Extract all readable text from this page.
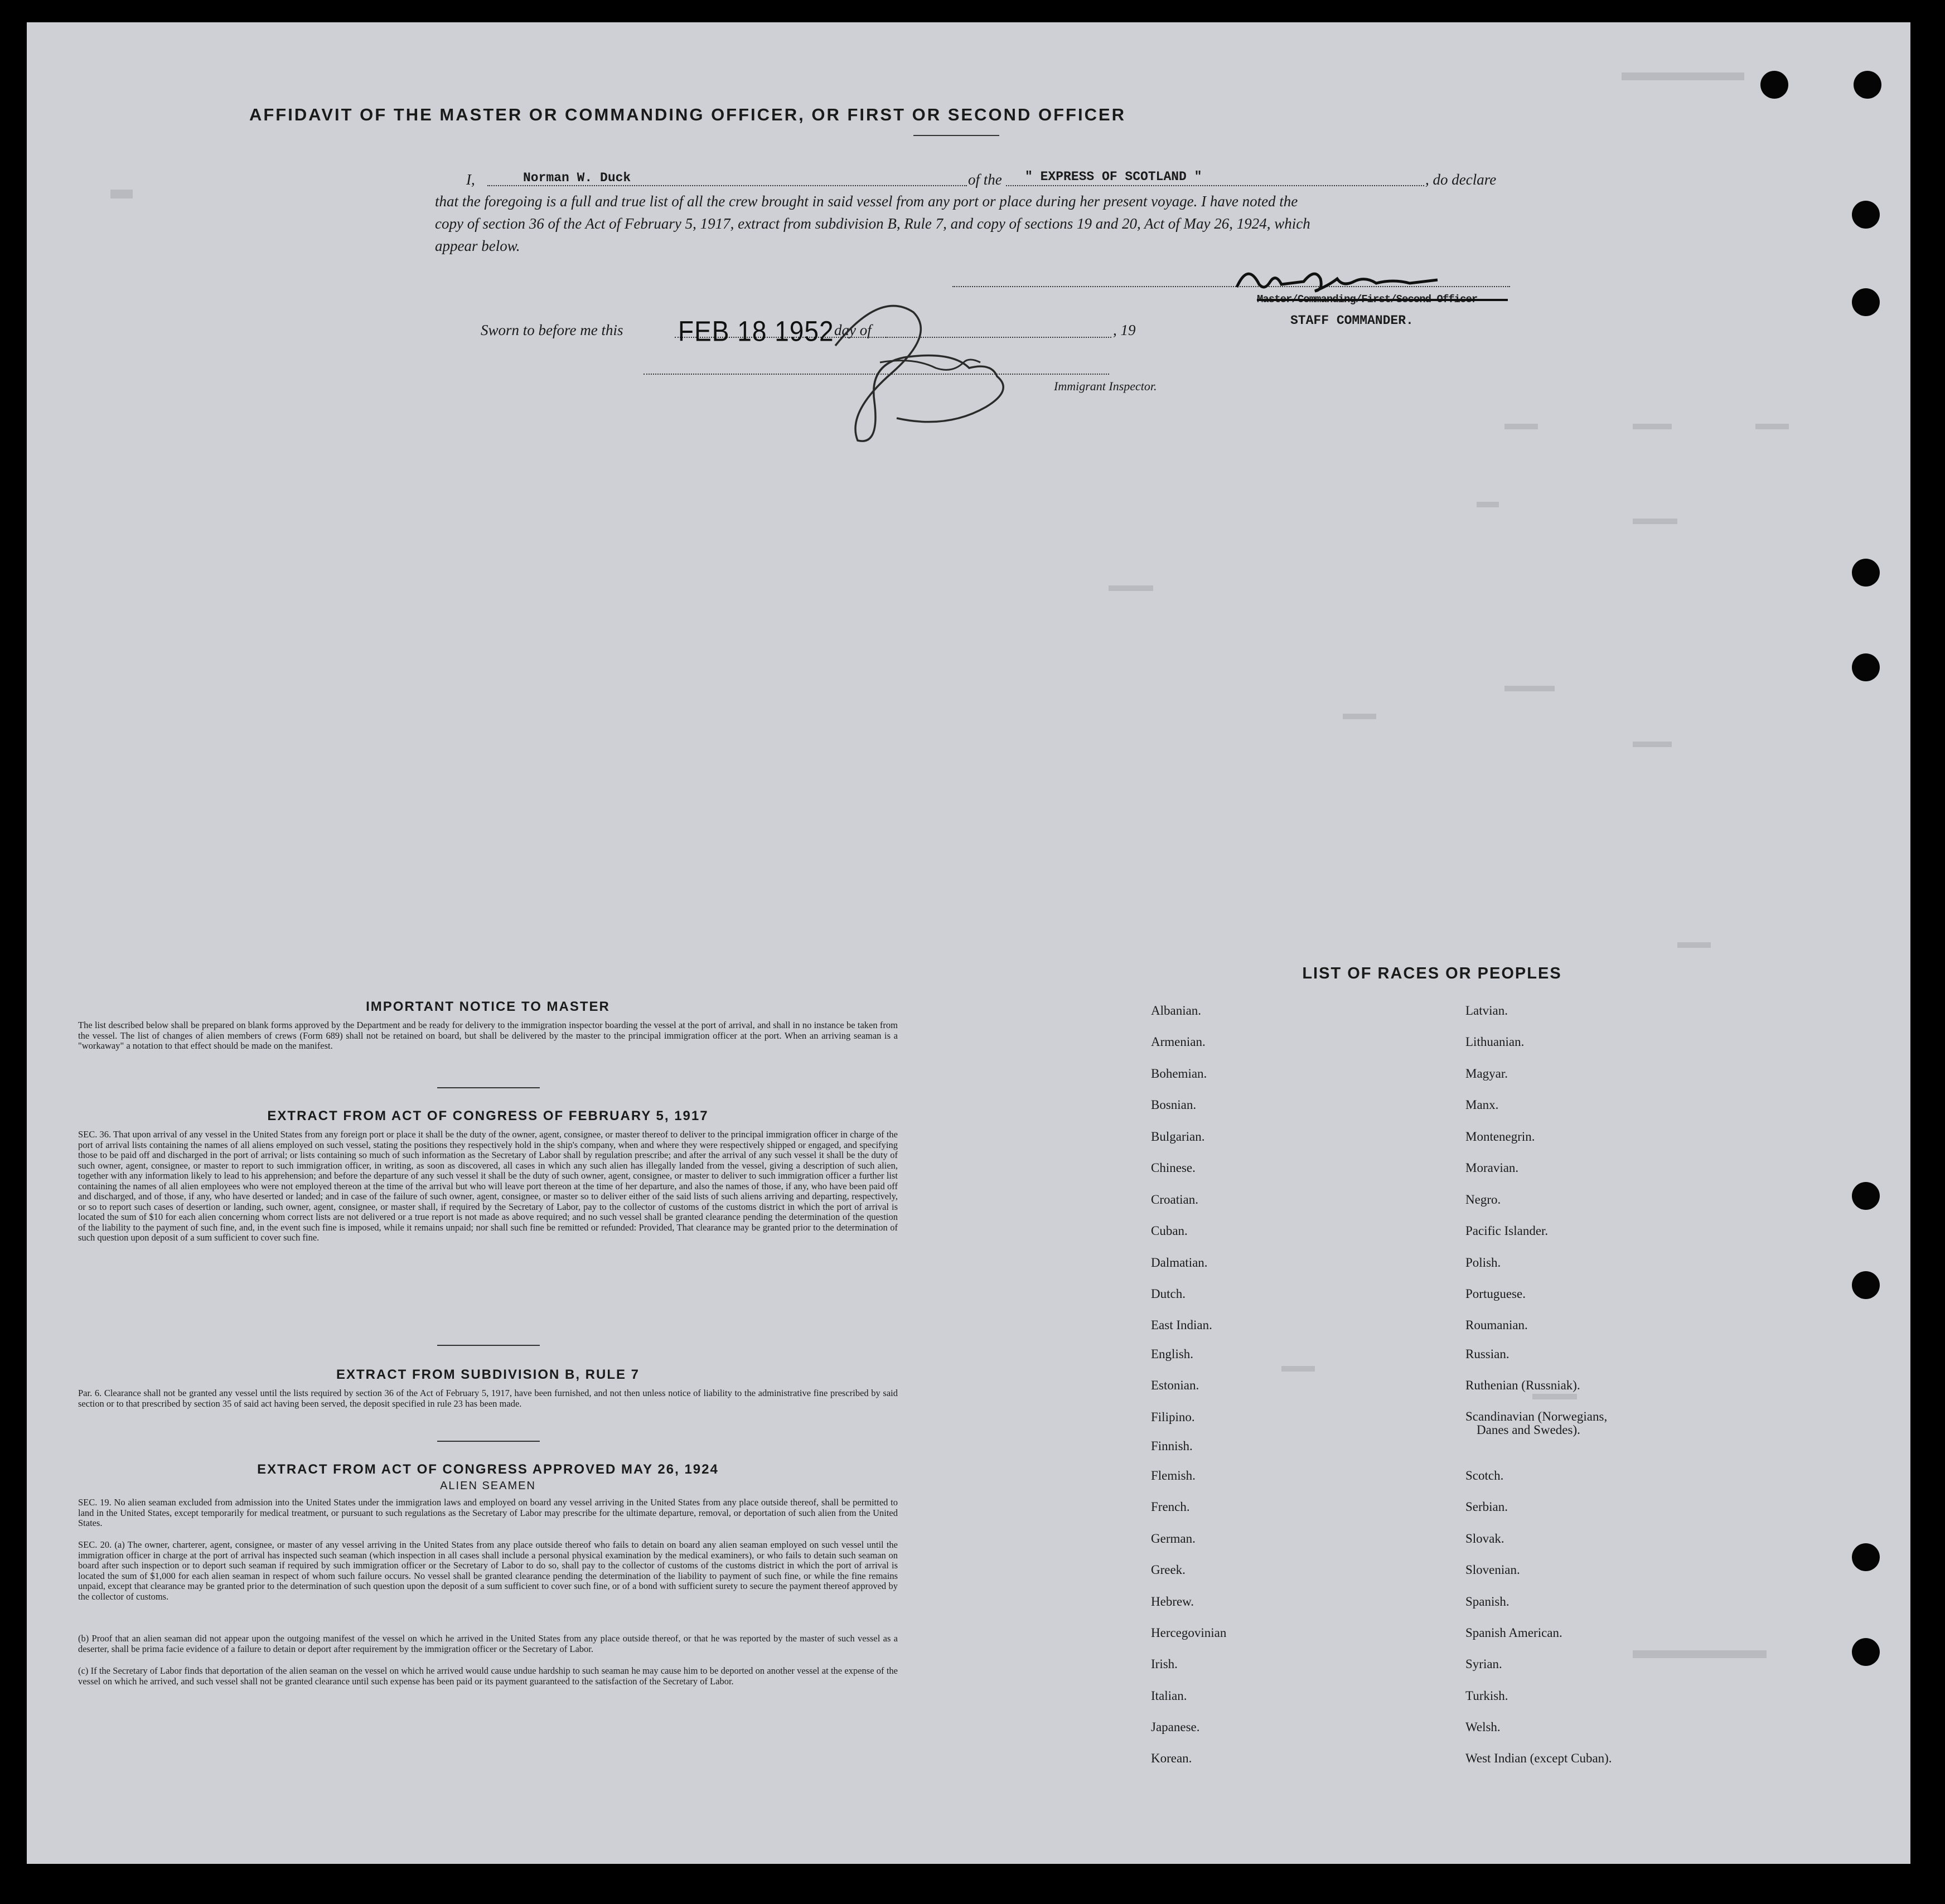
AFFIDAVIT OF THE MASTER OR COMMANDING OFFICER, OR FIRST OR SECOND OFFICER
I,	Norman W. Duck	of the " EXPRESS OF SCOTLAND "	, do declare
that the foregoing is a full and true list of all the crew brought in said vessel from any port or place during her present voyage. I have noted the
copy of section 36 of the Act of February 5, 1917, extract from subdivision B, Rule 7, and copy of sections 19 and 20, Act of May 26, 1924, which
appear below.
STAFF COMMANDER.
Sworn to before me this FEB 18 1952 day of	, 19
Immigrant Inspector.
IMPORTANT NOTICE TO MASTER
The list described below shall be prepared on blank forms approved by the Department and be ready for delivery to the immigration inspector boarding the vessel at the port of arrival, and shall in no instance be taken from the vessel. The list of changes of alien members of crews (Form 689) shall not be retained on board, but shall be delivered by the master to the principal immigration officer at the port. When an arriving seaman is a "workaway" a notation to that effect should be made on the manifest.
EXTRACT FROM ACT OF CONGRESS OF FEBRUARY 5, 1917
SEC. 36. That upon arrival of any vessel in the United States from any foreign port or place it shall be the duty of the owner, agent, consignee, or master thereof to deliver to the principal immigration officer in charge of the port of arrival lists containing the names of all aliens employed on such vessel, stating the positions they respectively hold in the ship's company, when and where they were respectively shipped or engaged, and specifying those to be paid off and discharged in the port of arrival; or lists containing so much of such information as the Secretary of Labor shall by regulation prescribe; and after the arrival of any such vessel it shall be the duty of such owner, agent, consignee, or master to report to such immigration officer, in writing, as soon as discovered, all cases in which any such alien has illegally landed from the vessel, giving a description of such alien, together with any information likely to lead to his apprehension; and before the departure of any such vessel it shall be the duty of such owner, agent, consignee, or master to deliver to such immigration officer a further list containing the names of all alien employees who were not employed thereon at the time of the arrival but who will leave port thereon at the time of her departure, and also the names of those, if any, who have been paid off and discharged, and of those, if any, who have deserted or landed; and in case of the failure of such owner, agent, consignee, or master so to deliver either of the said lists of such aliens arriving and departing, respectively, or so to report such cases of desertion or landing, such owner, agent, consignee, or master shall, if required by the Secretary of Labor, pay to the collector of customs of the customs district in which the port of arrival is located the sum of $10 for each alien concerning whom correct lists are not delivered or a true report is not made as above required; and no such vessel shall be granted clearance pending the determination of the question of the liability to the payment of such fine, and, in the event such fine is imposed, while it remains unpaid; nor shall such fine be remitted or refunded: Provided, That clearance may be granted prior to the determination of such question upon deposit of a sum sufficient to cover such fine.
EXTRACT FROM SUBDIVISION B, RULE 7
Par. 6. Clearance shall not be granted any vessel until the lists required by section 36 of the Act of February 5, 1917, have been furnished, and not then unless notice of liability to the administrative fine prescribed by said section or to that prescribed by section 35 of said act having been served, the deposit specified in rule 23 has been made.
EXTRACT FROM ACT OF CONGRESS APPROVED MAY 26, 1924
ALIEN SEAMEN
SEC. 19. No alien seaman excluded from admission into the United States under the immigration laws and employed on board any vessel arriving in the United States from any place outside thereof, shall be permitted to land in the United States, except temporarily for medical treatment, or pursuant to such regulations as the Secretary of Labor may prescribe for the ultimate departure, removal, or deportation of such alien from the United States.
SEC. 20. (a) The owner, charterer, agent, consignee, or master of any vessel arriving in the United States from any place outside thereof who fails to detain on board any alien seaman employed on such vessel until the immigration officer in charge at the port of arrival has inspected such seaman (which inspection in all cases shall include a personal physical examination by the medical examiners), or who fails to detain such seaman on board after such inspection or to deport such seaman if required by such immigration officer or the Secretary of Labor to do so, shall pay to the collector of customs of the customs district in which the port of arrival is located the sum of $1,000 for each alien seaman in respect of whom such failure occurs. No vessel shall be granted clearance pending the determination of the liability to payment of such fine, or while the fine remains unpaid, except that clearance may be granted prior to the determination of such question upon the deposit of a sum sufficient to cover such fine, or of a bond with sufficient surety to secure the payment thereof approved by the collector of customs.
(b) Proof that an alien seaman did not appear upon the outgoing manifest of the vessel on which he arrived in the United States from any place outside thereof, or that he was reported by the master of such vessel as a deserter, shall be prima facie evidence of a failure to detain or deport after requirement by the immigration officer or the Secretary of Labor.
(c) If the Secretary of Labor finds that deportation of the alien seaman on the vessel on which he arrived would cause undue hardship to such seaman he may cause him to be deported on another vessel at the expense of the vessel on which he arrived, and such vessel shall not be granted clearance until such expense has been paid or its payment guaranteed to the satisfaction of the Secretary of Labor.
LIST OF RACES OR PEOPLES
Albanian.
Armenian.
Bohemian.
Bosnian.
Bulgarian.
Chinese.
Croatian.
Cuban.
Dalmatian.
Dutch.
East Indian.
English.
Estonian.
Filipino.
Finnish.
Flemish.
French.
German.
Greek.
Hebrew.
Hercegovinian
Irish.
Italian.
Japanese.
Korean.
Latvian.
Lithuanian.
Magyar.
Manx.
Montenegrin.
Moravian.
Negro.
Pacific Islander.
Polish.
Portuguese.
Roumanian.
Russian.
Ruthenian (Russniak).
Scandinavian (Norwegians,
Danes and Swedes).
Scotch.
Serbian.
Slovak.
Slovenian.
Spanish.
Spanish American.
Syrian.
Turkish.
Welsh.
West Indian (except Cuban).
